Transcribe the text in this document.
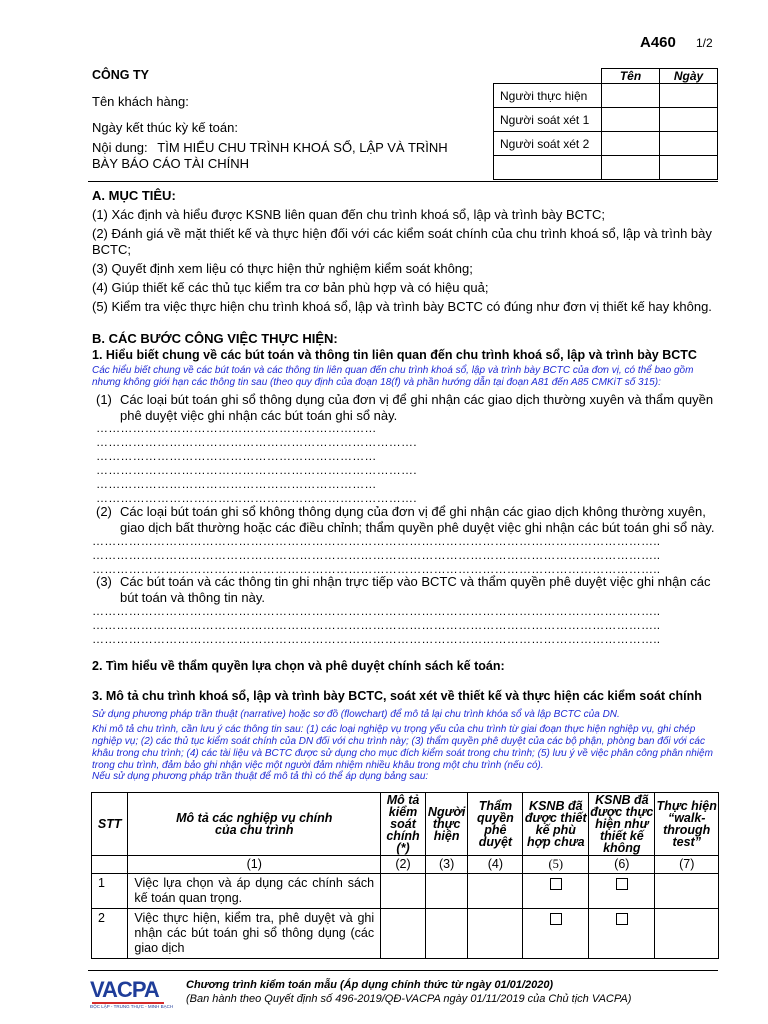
A460 1/2
CÔNG TY
Tên khách hàng:
Ngày kết thúc kỳ kế toán:
Nội dung: TÌM HIỂU CHU TRÌNH KHOÁ SỔ, LẬP VÀ TRÌNH BÀY BÁO CÁO TÀI CHÍNH
	Tên	Ngày
Người thực hiện		
Người soát xét 1		
Người soát xét 2		

A. MỤC TIÊU:
(1) Xác định và hiểu được KSNB liên quan đến chu trình khoá sổ, lập và trình bày BCTC;
(2) Đánh giá về mặt thiết kế và thực hiện đối với các kiểm soát chính của chu trình khoá sổ, lập và trình bày BCTC;
(3) Quyết định xem liệu có thực hiện thử nghiệm kiểm soát không;
(4) Giúp thiết kế các thủ tục kiểm tra cơ bản phù hợp và có hiệu quả;
(5) Kiểm tra việc thực hiện chu trình khoá sổ, lập và trình bày BCTC có đúng như đơn vị thiết kế hay không.
B. CÁC BƯỚC CÔNG VIỆC THỰC HIỆN:
1. Hiểu biết chung về các bút toán và thông tin liên quan đến chu trình khoá sổ, lập và trình bày BCTC
Các hiểu biết chung về các bút toán và các thông tin liên quan đến chu trình khoá sổ, lập và trình bày BCTC của đơn vị, có thể bao gồm nhưng không giới hạn các thông tin sau (theo quy định của đoạn 18(f) và phần hướng dẫn tại đoạn A81 đến A85 CMKiT số 315):
(1) Các loại bút toán ghi sổ thông dụng của đơn vị để ghi nhận các giao dịch thường xuyên và thẩm quyền phê duyệt việc ghi nhận các bút toán ghi sổ này.
……………………………………………………………
…………………………………………………………………….
……………………………………………………………
…………………………………………………………………….
……………………………………………………………
…………………………………………………………………….
(2) Các loại bút toán ghi sổ không thông dụng của đơn vị để ghi nhận các giao dịch không thường xuyên, giao dịch bất thường hoặc các điều chỉnh; thẩm quyền phê duyệt việc ghi nhận các bút toán ghi sổ này.
…………………………………………………………………………………………………………………………..
…………………………………………………………………………………………………………………………..
…………………………………………………………………………………………………………………………..
(3) Các bút toán và các thông tin ghi nhận trực tiếp vào BCTC và thẩm quyền phê duyệt việc ghi nhận các bút toán và thông tin này.
…………………………………………………………………………………………………………………………..
…………………………………………………………………………………………………………………………..
…………………………………………………………………………………………………………………………..
2. Tìm hiểu về thẩm quyền lựa chọn và phê duyệt chính sách kế toán:
3. Mô tả chu trình khoá sổ, lập và trình bày BCTC, soát xét về thiết kế và thực hiện các kiểm soát chính
Sử dụng phương pháp trần thuật (narrative) hoặc sơ đồ (flowchart) để mô tả lại chu trình khóa sổ và lập BCTC của DN.
Khi mô tả chu trình, cần lưu ý các thông tin sau: (1) các loại nghiệp vụ trọng yếu của chu trình từ giai đoạn thực hiện nghiệp vụ, ghi chép nghiệp vụ; (2) các thủ tục kiểm soát chính của DN đối với chu trình này; (3) thẩm quyền phê duyệt của các bộ phận, phòng ban đối với các khâu trong chu trình; (4) các tài liệu và BCTC được sử dụng cho mục đích kiểm soát trong chu trình; (5) lưu ý về việc phân công phân nhiệm trong chu trình, đảm bảo ghi nhận việc một người đảm nhiệm nhiều khâu trong một chu trình (nếu có).
Nếu sử dụng phương pháp trần thuật để mô tả thì có thể áp dụng bảng sau:
STT	Mô tả các nghiệp vụ chính của chu trình	Mô tả kiểm soát chính (*)	Người thực hiện	Thẩm quyền phê duyệt	KSNB đã được thiết kế phù hợp chưa	KSNB đã được thực hiện như thiết kế không	Thực hiện “walk-through test”
	(1)	(2)	(3)	(4)	(5)	(6)	(7)
1	Việc lựa chọn và áp dụng các chính sách kế toán quan trọng.						
2	Việc thực hiện, kiểm tra, phê duyệt và ghi nhận các bút toán ghi sổ thông dụng (các giao dịch						
VACPA
ĐỘC LẬP - TRUNG THỰC - MINH BẠCH
Chương trình kiểm toán mẫu (Áp dụng chính thức từ ngày 01/01/2020)
(Ban hành theo Quyết định số 496-2019/QĐ-VACPA ngày 01/11/2019 của Chủ tịch VACPA)
